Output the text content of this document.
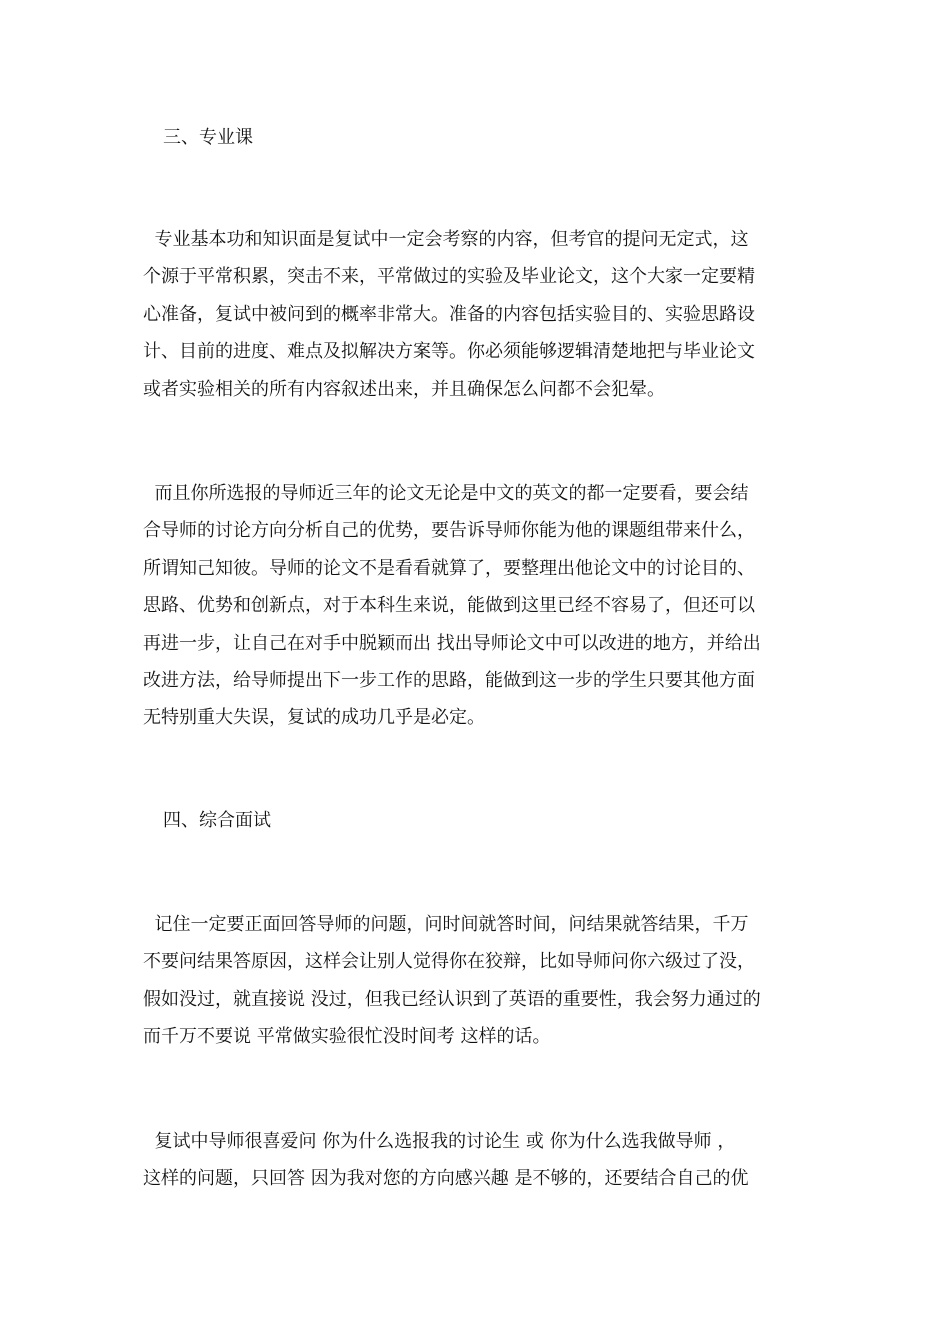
三、专业课

专业基本功和知识面是复试中一定会考察的内容，但考官的提问无定式，这
个源于平常积累，突击不来，平常做过的实验及毕业论文，这个大家一定要精
心准备，复试中被问到的概率非常大。准备的内容包括实验目的、实验思路设
计、目前的进度、难点及拟解决方案等。你必须能够逻辑清楚地把与毕业论文
或者实验相关的所有内容叙述出来，并且确保怎么问都不会犯晕。

而且你所选报的导师近三年的论文无论是中文的英文的都一定要看，要会结
合导师的讨论方向分析自己的优势，要告诉导师你能为他的课题组带来什么，
所谓知己知彼。导师的论文不是看看就算了，要整理出他论文中的讨论目的、
思路、优势和创新点，对于本科生来说，能做到这里已经不容易了，但还可以
再进一步，让自己在对手中脱颖而出 找出导师论文中可以改进的地方，并给出
改进方法，给导师提出下一步工作的思路，能做到这一步的学生只要其他方面
无特别重大失误，复试的成功几乎是必定。

四、综合面试

记住一定要正面回答导师的问题，问时间就答时间，问结果就答结果，千万
不要问结果答原因，这样会让别人觉得你在狡辩，比如导师问你六级过了没，
假如没过，就直接说 没过，但我已经认识到了英语的重要性，我会努力通过的
而千万不要说 平常做实验很忙没时间考 这样的话。

复试中导师很喜爱问 你为什么选报我的讨论生 或 你为什么选我做导师 ，
这样的问题，只回答 因为我对您的方向感兴趣 是不够的，还要结合自己的优
